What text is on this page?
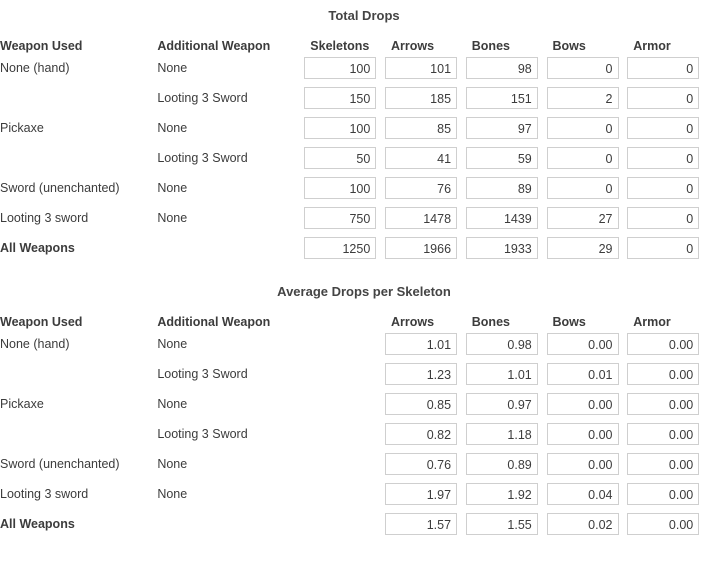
Total Drops
Weapon Used	Additional Weapon	Skeletons	Arrows	Bones	Bows	Armor
None (hand)	None	100	101	98	0	0

	Looting 3 Sword	150	185	151	2	0

Pickaxe	None	100	85	97	0	0

	Looting 3 Sword	50	41	59	0	0

Sword (unenchanted)	None	100	76	89	0	0

Looting 3 sword	None	750	1478	1439	27	0

All Weapons		1250	1966	1933	29	0
Average Drops per Skeleton
Weapon Used	Additional Weapon		Arrows	Bones	Bows	Armor
None (hand)	None		1.01	0.98	0.00	0.00

	Looting 3 Sword		1.23	1.01	0.01	0.00

Pickaxe	None		0.85	0.97	0.00	0.00

	Looting 3 Sword		0.82	1.18	0.00	0.00

Sword (unenchanted)	None		0.76	0.89	0.00	0.00

Looting 3 sword	None		1.97	1.92	0.04	0.00

All Weapons			1.57	1.55	0.02	0.00
